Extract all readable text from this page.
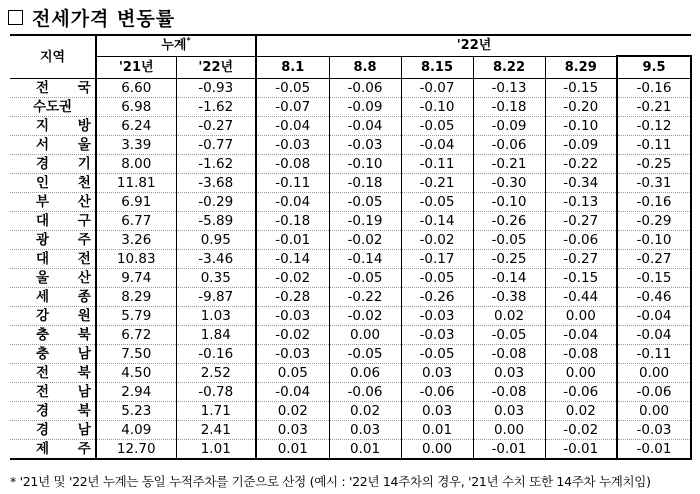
전세가격 변동률
지역	누계*		'22년					
	'21년	'22년	8.1	8.8	8.15	8.22	8.29	9.5
전 국	6.60	-0.93	-0.05	-0.06	-0.07	-0.13	-0.15	-0.16
수도권	6.98	-1.62	-0.07	-0.09	-0.10	-0.18	-0.20	-0.21
지 방	6.24	-0.27	-0.04	-0.04	-0.05	-0.09	-0.10	-0.12
서 울	3.39	-0.77	-0.03	-0.03	-0.04	-0.06	-0.09	-0.11
경 기	8.00	-1.62	-0.08	-0.10	-0.11	-0.21	-0.22	-0.25
인 천	11.81	-3.68	-0.11	-0.18	-0.21	-0.30	-0.34	-0.31
부 산	6.91	-0.29	-0.04	-0.05	-0.05	-0.10	-0.13	-0.16
대 구	6.77	-5.89	-0.18	-0.19	-0.14	-0.26	-0.27	-0.29
광 주	3.26	0.95	-0.01	-0.02	-0.02	-0.05	-0.06	-0.10
대 전	10.83	-3.46	-0.14	-0.14	-0.17	-0.25	-0.27	-0.27
울 산	9.74	0.35	-0.02	-0.05	-0.05	-0.14	-0.15	-0.15
세 종	8.29	-9.87	-0.28	-0.22	-0.26	-0.38	-0.44	-0.46
강 원	5.79	1.03	-0.03	-0.02	-0.03	0.02	0.00	-0.04
충 북	6.72	1.84	-0.02	0.00	-0.03	-0.05	-0.04	-0.04
충 남	7.50	-0.16	-0.03	-0.05	-0.05	-0.08	-0.08	-0.11
전 북	4.50	2.52	0.05	0.06	0.03	0.03	0.00	0.00
전 남	2.94	-0.78	-0.04	-0.06	-0.06	-0.08	-0.06	-0.06
경 북	5.23	1.71	0.02	0.02	0.03	0.03	0.02	0.00
경 남	4.09	2.41	0.03	0.03	0.01	0.00	-0.02	-0.03
제 주	12.70	1.01	0.01	0.01	0.00	-0.01	-0.01	-0.01
* '21년 및 '22년 누계는 동일 누적주차를 기준으로 산정 (예시 : '22년 14주차의 경우, '21년 수치 또한 14주차 누계치임)
